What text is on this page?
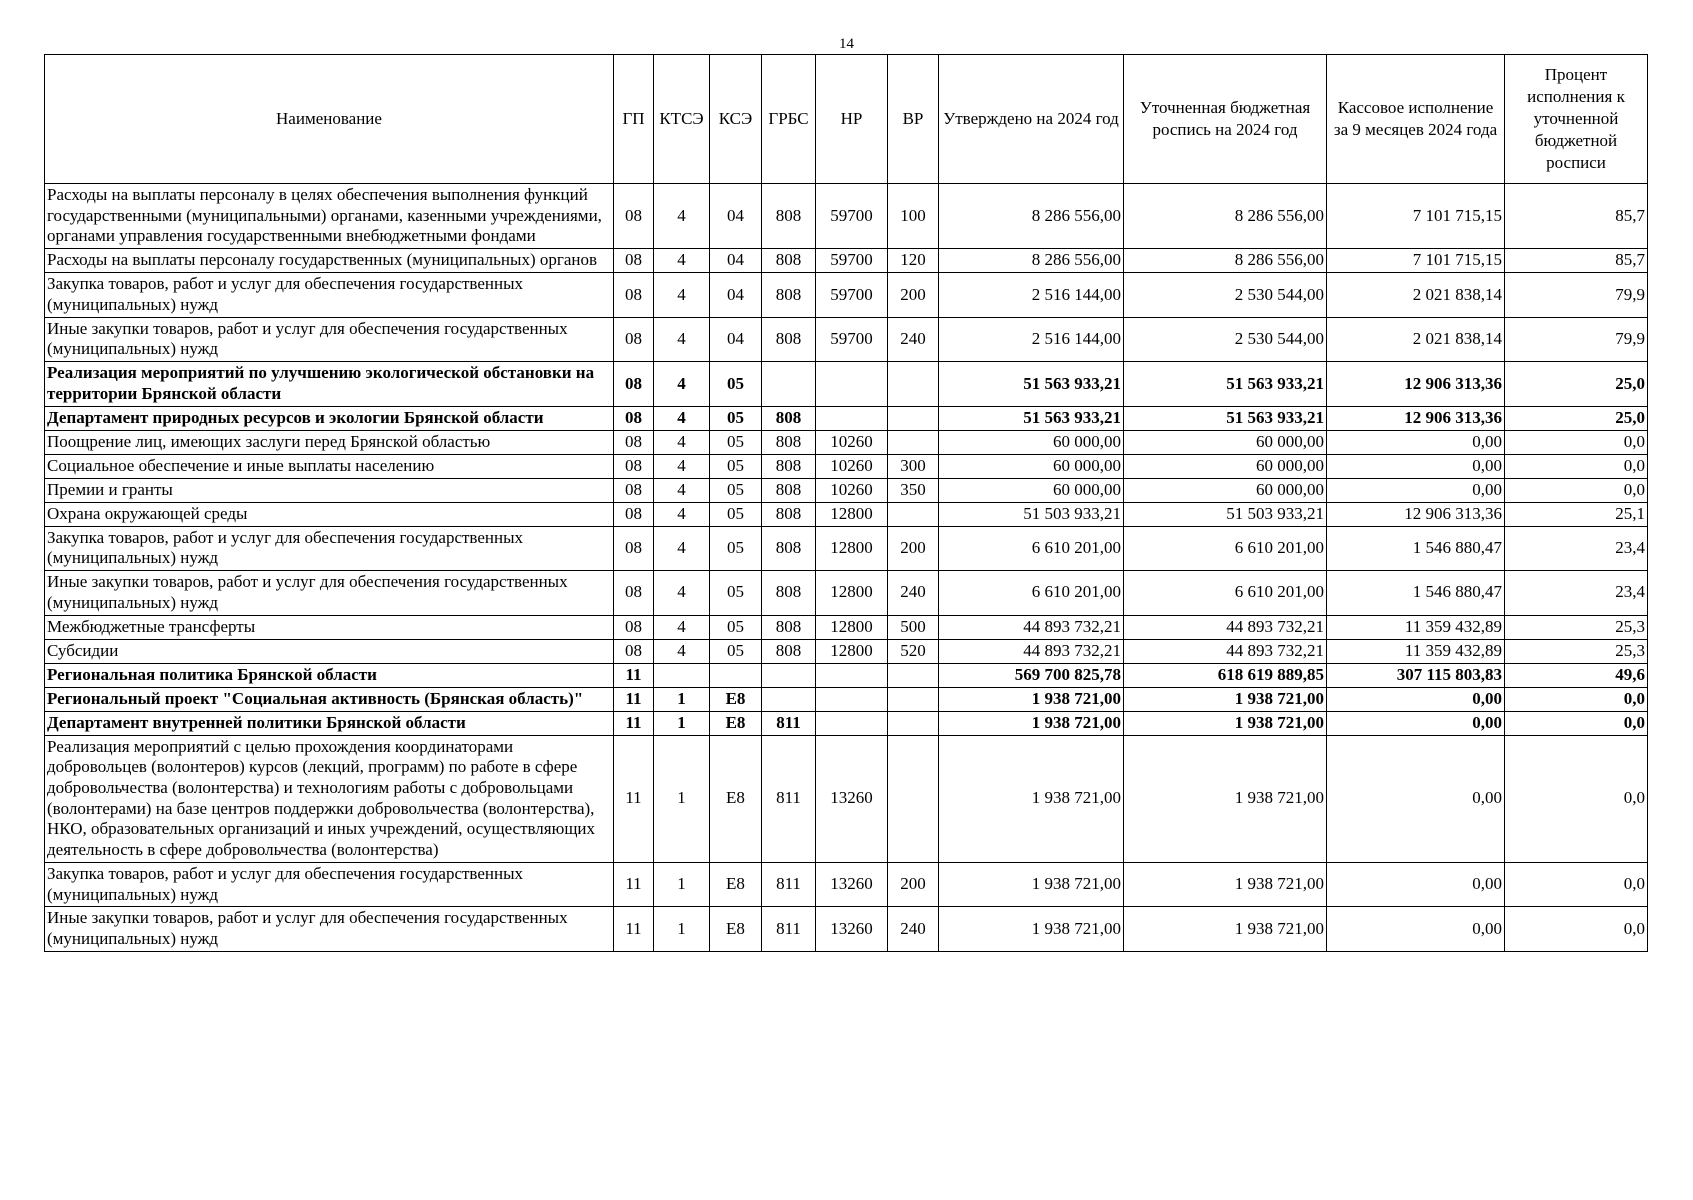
14
Наименование	ГП	КТСЭ	КСЭ	ГРБС	НР	ВР	Утверждено на 2024 год	Уточненная бюджетная роспись на 2024 год	Кассовое исполнение за 9 месяцев 2024 года	Процент исполнения к уточненной бюджетной росписи
Расходы на выплаты персоналу в целях обеспечения выполнения функций государственными (муниципальными) органами, казенными учреждениями, органами управления государственными внебюджетными фондами	08	4	04	808	59700	100	8 286 556,00	8 286 556,00	7 101 715,15	85,7
Расходы на выплаты персоналу государственных (муниципальных) органов	08	4	04	808	59700	120	8 286 556,00	8 286 556,00	7 101 715,15	85,7
Закупка товаров, работ и услуг для обеспечения государственных (муниципальных) нужд	08	4	04	808	59700	200	2 516 144,00	2 530 544,00	2 021 838,14	79,9
Иные закупки товаров, работ и услуг для обеспечения государственных (муниципальных) нужд	08	4	04	808	59700	240	2 516 144,00	2 530 544,00	2 021 838,14	79,9
Реализация мероприятий по улучшению экологической обстановки на территории Брянской области	08	4	05				51 563 933,21	51 563 933,21	12 906 313,36	25,0
Департамент природных ресурсов и экологии Брянской области	08	4	05	808			51 563 933,21	51 563 933,21	12 906 313,36	25,0
Поощрение лиц, имеющих заслуги перед Брянской областью	08	4	05	808	10260		60 000,00	60 000,00	0,00	0,0
Социальное обеспечение и иные выплаты населению	08	4	05	808	10260	300	60 000,00	60 000,00	0,00	0,0
Премии и гранты	08	4	05	808	10260	350	60 000,00	60 000,00	0,00	0,0
Охрана окружающей среды	08	4	05	808	12800		51 503 933,21	51 503 933,21	12 906 313,36	25,1
Закупка товаров, работ и услуг для обеспечения государственных (муниципальных) нужд	08	4	05	808	12800	200	6 610 201,00	6 610 201,00	1 546 880,47	23,4
Иные закупки товаров, работ и услуг для обеспечения государственных (муниципальных) нужд	08	4	05	808	12800	240	6 610 201,00	6 610 201,00	1 546 880,47	23,4
Межбюджетные трансферты	08	4	05	808	12800	500	44 893 732,21	44 893 732,21	11 359 432,89	25,3
Субсидии	08	4	05	808	12800	520	44 893 732,21	44 893 732,21	11 359 432,89	25,3
Региональная политика Брянской области	11						569 700 825,78	618 619 889,85	307 115 803,83	49,6
Региональный проект "Социальная активность (Брянская область)"	11	1	E8				1 938 721,00	1 938 721,00	0,00	0,0
Департамент внутренней политики Брянской области	11	1	E8	811			1 938 721,00	1 938 721,00	0,00	0,0
Реализация мероприятий с целью прохождения координаторами добровольцев (волонтеров) курсов (лекций, программ) по работе в сфере добровольчества (волонтерства) и технологиям работы с добровольцами (волонтерами) на базе центров поддержки добровольчества (волонтерства), НКО, образовательных организаций и иных учреждений, осуществляющих деятельность в сфере добровольчества (волонтерства)	11	1	E8	811	13260		1 938 721,00	1 938 721,00	0,00	0,0
Закупка товаров, работ и услуг для обеспечения государственных (муниципальных) нужд	11	1	E8	811	13260	200	1 938 721,00	1 938 721,00	0,00	0,0
Иные закупки товаров, работ и услуг для обеспечения государственных (муниципальных) нужд	11	1	E8	811	13260	240	1 938 721,00	1 938 721,00	0,00	0,0
